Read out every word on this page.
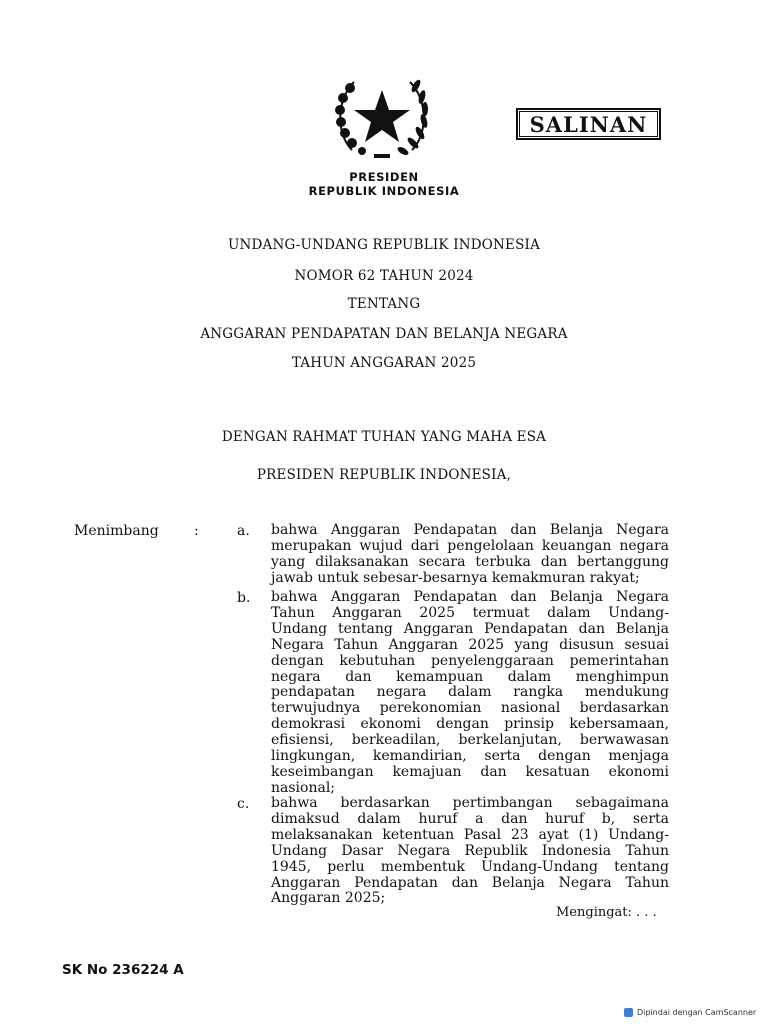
SALINAN
PRESIDEN
REPUBLIK INDONESIA
UNDANG-UNDANG REPUBLIK INDONESIA
NOMOR 62 TAHUN 2024
TENTANG
ANGGARAN PENDAPATAN DAN BELANJA NEGARA
TAHUN ANGGARAN 2025
DENGAN RAHMAT TUHAN YANG MAHA ESA
PRESIDEN REPUBLIK INDONESIA,
Menimbang	:	a. bahwa Anggaran Pendapatan dan Belanja Negara
merupakan wujud dari pengelolaan keuangan negara
yang dilaksanakan secara terbuka dan bertanggung
jawab untuk sebesar-besarnya kemakmuran rakyat;
b. bahwa Anggaran Pendapatan dan Belanja Negara
Tahun Anggaran 2025 termuat dalam Undang-
Undang tentang Anggaran Pendapatan dan Belanja
Negara Tahun Anggaran 2025 yang disusun sesuai
dengan kebutuhan penyelenggaraan pemerintahan
negara dan kemampuan dalam menghimpun
pendapatan negara dalam rangka mendukung
terwujudnya perekonomian nasional berdasarkan
demokrasi ekonomi dengan prinsip kebersamaan,
efisiensi, berkeadilan, berkelanjutan, berwawasan
lingkungan, kemandirian, serta dengan menjaga
keseimbangan kemajuan dan kesatuan ekonomi
nasional;
c. bahwa berdasarkan pertimbangan sebagaimana
dimaksud dalam huruf a dan huruf b, serta
melaksanakan ketentuan Pasal 23 ayat (1) Undang-
Undang Dasar Negara Republik Indonesia Tahun
1945, perlu membentuk Undang-Undang tentang
Anggaran Pendapatan dan Belanja Negara Tahun
Anggaran 2025;
Mengingat: . . .
SK No 236224 A
Dipindai dengan CamScanner
